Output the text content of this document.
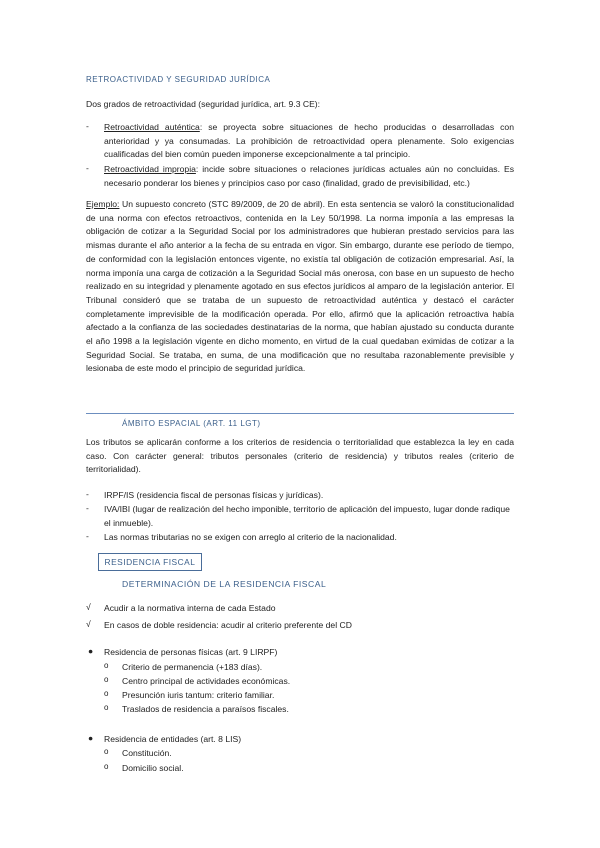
RETROACTIVIDAD Y SEGURIDAD JURÍDICA
Dos grados de retroactividad (seguridad jurídica, art. 9.3 CE):
- Retroactividad auténtica: se proyecta sobre situaciones de hecho producidas o desarrolladas con anterioridad y ya consumadas. La prohibición de retroactividad opera plenamente. Solo exigencias cualificadas del bien común pueden imponerse excepcionalmente a tal principio.
- Retroactividad impropia: incide sobre situaciones o relaciones jurídicas actuales aún no concluidas. Es necesario ponderar los bienes y principios caso por caso (finalidad, grado de previsibilidad, etc.)
Ejemplo: Un supuesto concreto (STC 89/2009, de 20 de abril). En esta sentencia se valoró la constitucionalidad de una norma con efectos retroactivos, contenida en la Ley 50/1998. La norma imponía a las empresas la obligación de cotizar a la Seguridad Social por los administradores que hubieran prestado servicios para las mismas durante el año anterior a la fecha de su entrada en vigor. Sin embargo, durante ese período de tiempo, de conformidad con la legislación entonces vigente, no existía tal obligación de cotización empresarial. Así, la norma imponía una carga de cotización a la Seguridad Social más onerosa, con base en un supuesto de hecho realizado en su integridad y plenamente agotado en sus efectos jurídicos al amparo de la legislación anterior. El Tribunal consideró que se trataba de un supuesto de retroactividad auténtica y destacó el carácter completamente imprevisible de la modificación operada. Por ello, afirmó que la aplicación retroactiva había afectado a la confianza de las sociedades destinatarias de la norma, que habían ajustado su conducta durante el año 1998 a la legislación vigente en dicho momento, en virtud de la cual quedaban eximidas de cotizar a la Seguridad Social. Se trataba, en suma, de una modificación que no resultaba razonablemente previsible y lesionaba de este modo el principio de seguridad jurídica.
ÁMBITO ESPACIAL (ART. 11 LGT)
Los tributos se aplicarán conforme a los criterios de residencia o territorialidad que establezca la ley en cada caso. Con carácter general: tributos personales (criterio de residencia) y tributos reales (criterio de territorialidad).
- IRPF/IS (residencia fiscal de personas físicas y jurídicas).
- IVA/IBI (lugar de realización del hecho imponible, territorio de aplicación del impuesto, lugar donde radique el inmueble).
- Las normas tributarias no se exigen con arreglo al criterio de la nacionalidad.
RESIDENCIA FISCAL
DETERMINACIÓN DE LA RESIDENCIA FISCAL
√ Acudir a la normativa interna de cada Estado
√ En casos de doble residencia: acudir al criterio preferente del CD
● Residencia de personas físicas (art. 9 LIRPF)
o Criterio de permanencia (+183 días).
o Centro principal de actividades económicas.
o Presunción iuris tantum: criterio familiar.
o Traslados de residencia a paraísos fiscales.
● Residencia de entidades (art. 8 LIS)
o Constitución.
o Domicilio social.
